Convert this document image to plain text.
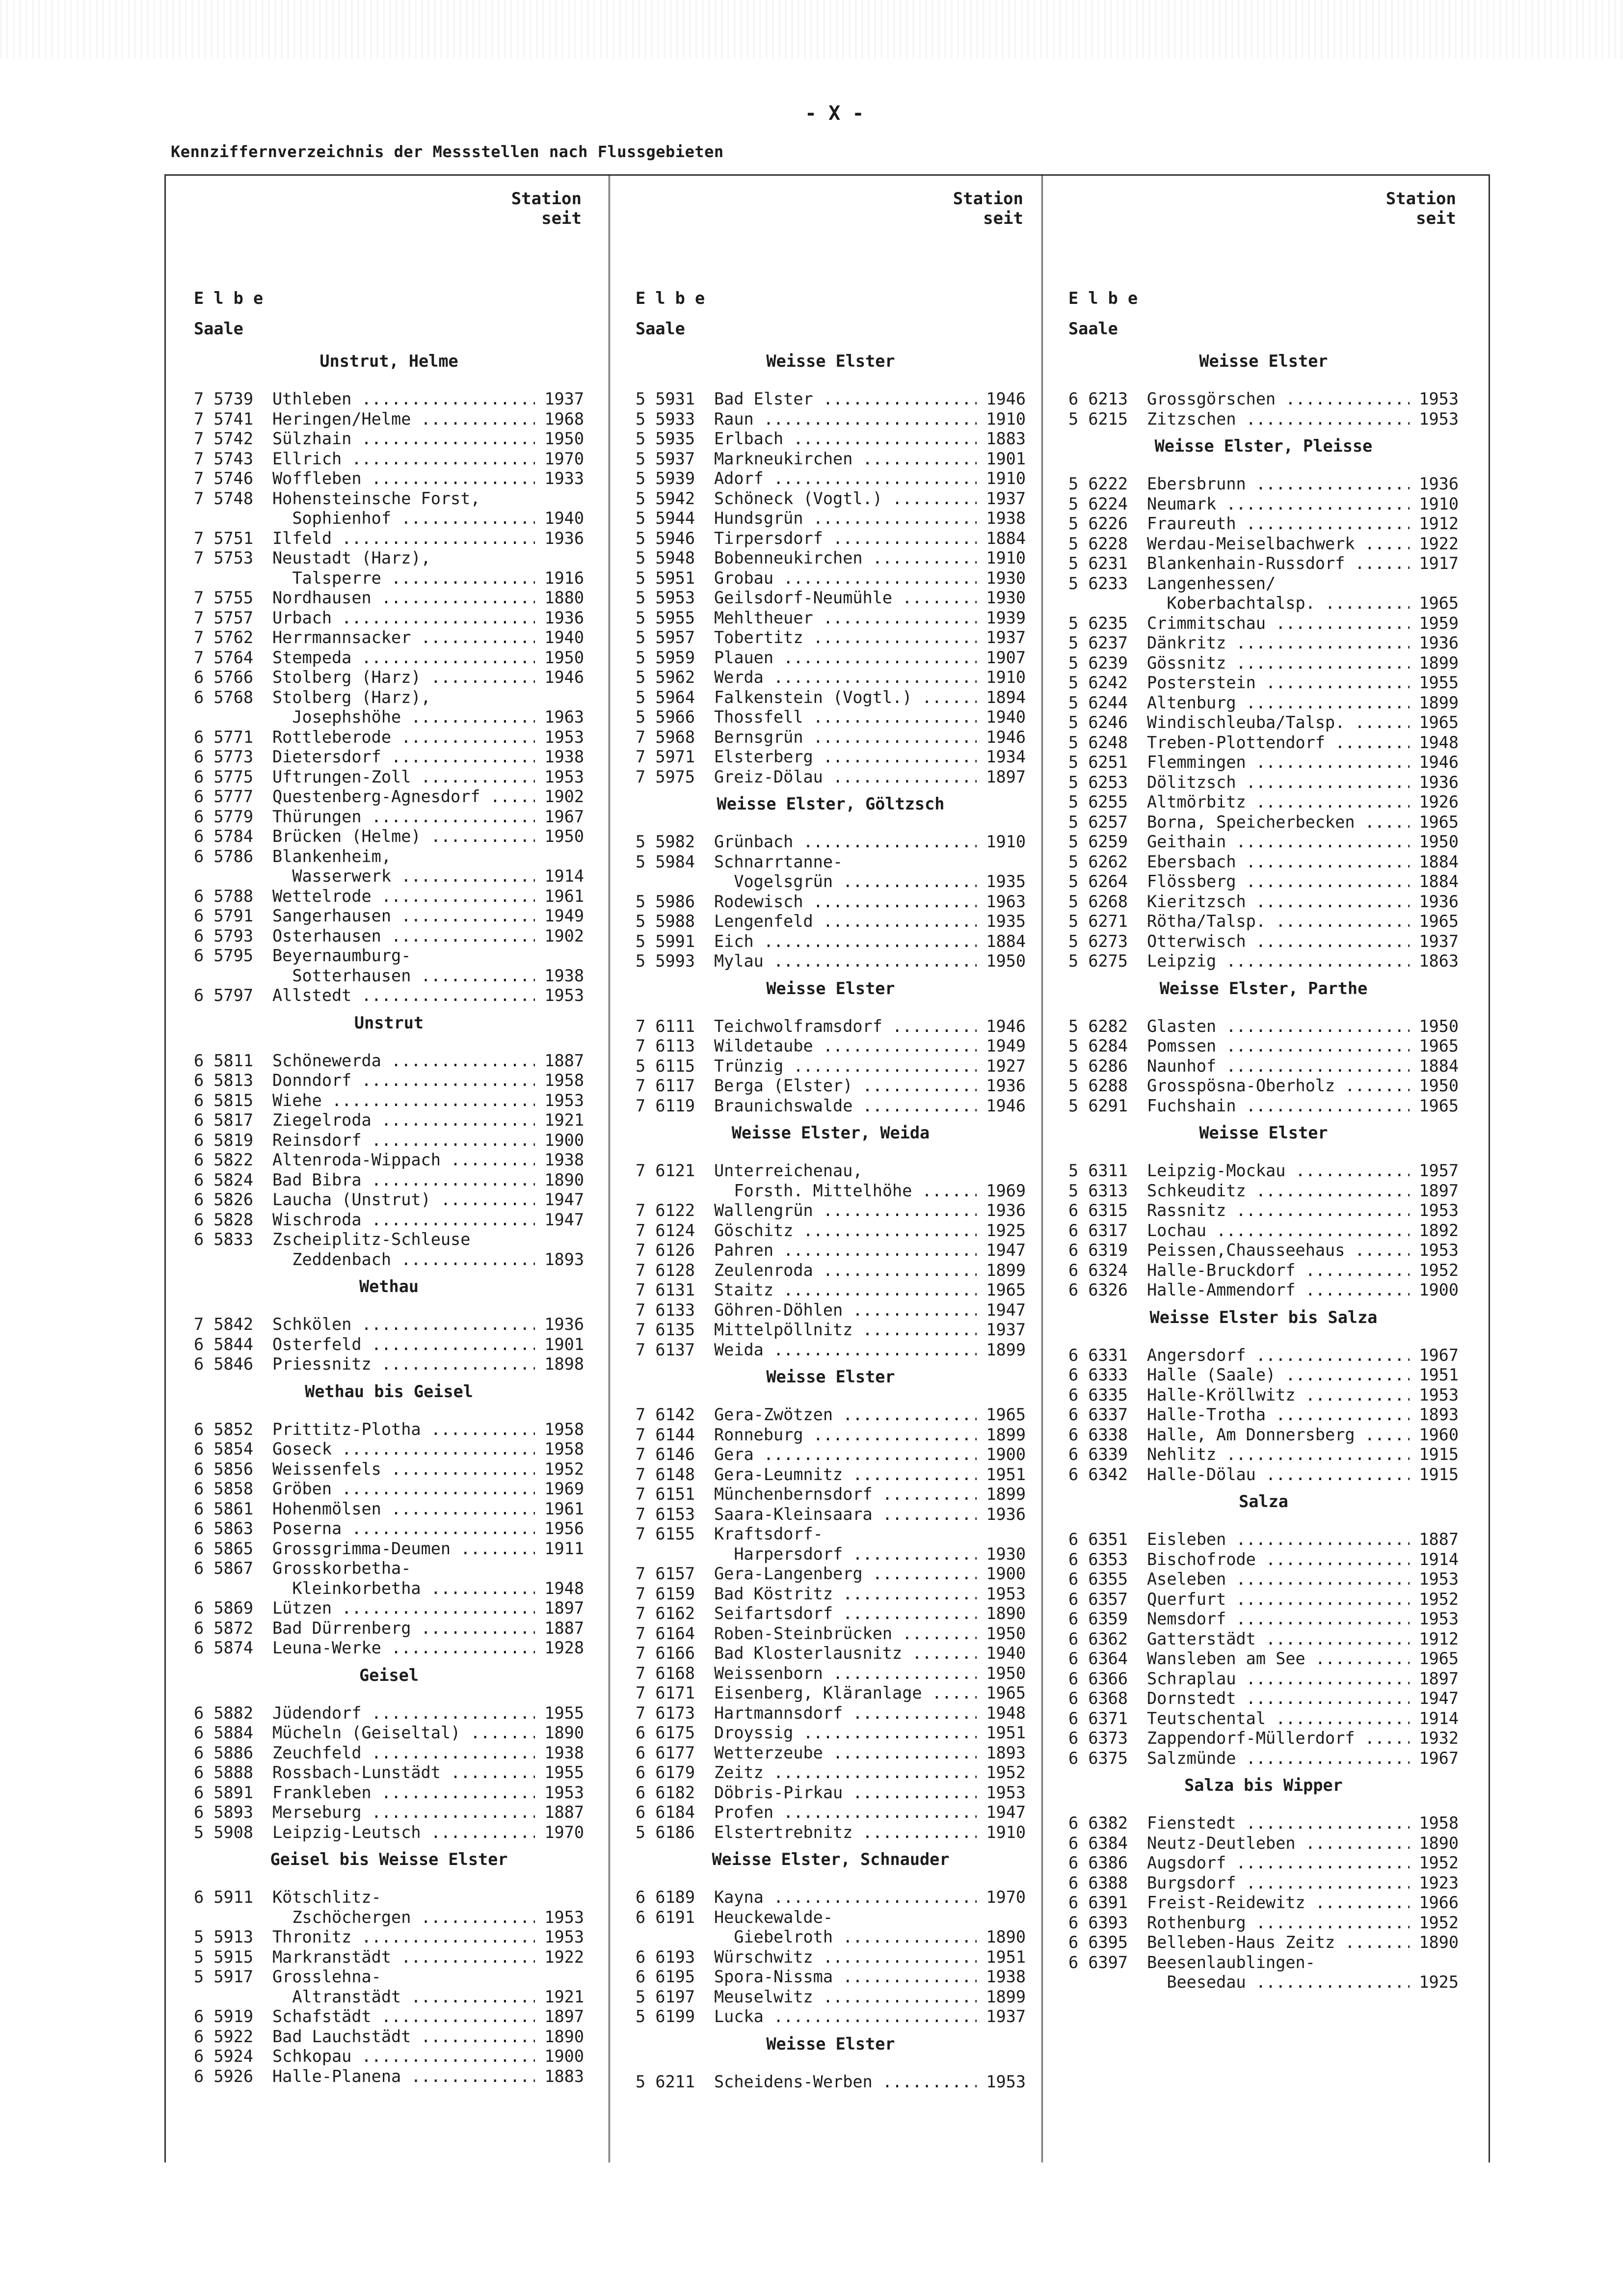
- X -
Kennziffernverzeichnis der Messstellen nach Flussgebieten
Station
seit
E l b e
Saale
Unstrut, Helme
7 5739	Uthleben .....	1937
7 5741	Heringen/Helme .....	1968
7 5742	Sülzhain .....	1950
7 5743	Ellrich .....	1970
7 5746	Woffleben .....	1933
7 5748	Hohensteinsche Forst,
Sophienhof .....	1940
7 5751	Ilfeld .....	1936
7 5753	Neustadt (Harz),
Talsperre .....	1916
7 5755	Nordhausen .....	1880
7 5757	Urbach .....	1936
7 5762	Herrmannsacker .....	1940
7 5764	Stempeda .....	1950
6 5766	Stolberg (Harz) .....	1946
6 5768	Stolberg (Harz),
Josephshöhe .....	1963
6 5771	Rottleberode .....	1953
6 5773	Dietersdorf .....	1938
6 5775	Uftrungen-Zoll .....	1953
6 5777	Questenberg-Agnesdorf .....	1902
6 5779	Thürungen .....	1967
6 5784	Brücken (Helme) .....	1950
6 5786	Blankenheim,
Wasserwerk .....	1914
6 5788	Wettelrode .....	1961
6 5791	Sangerhausen .....	1949
6 5793	Osterhausen .....	1902
6 5795	Beyernaumburg-
Sotterhausen .....	1938
6 5797	Allstedt .....	1953
Unstrut
6 5811	Schönewerda .....	1887
6 5813	Donndorf .....	1958
6 5815	Wiehe .....	1953
6 5817	Ziegelroda .....	1921
6 5819	Reinsdorf .....	1900
6 5822	Altenroda-Wippach .....	1938
6 5824	Bad Bibra .....	1890
6 5826	Laucha (Unstrut) .....	1947
6 5828	Wischroda .....	1947
6 5833	Zscheiplitz-Schleuse
Zeddenbach .....	1893
Wethau
7 5842	Schkölen .....	1936
6 5844	Osterfeld .....	1901
6 5846	Priessnitz .....	1898
Wethau bis Geisel
6 5852	Prittitz-Plotha .....	1958
6 5854	Goseck .....	1958
6 5856	Weissenfels .....	1952
6 5858	Gröben .....	1969
6 5861	Hohenmölsen .....	1961
6 5863	Poserna .....	1956
6 5865	Grossgrimma-Deumen .....	1911
6 5867	Grosskorbetha-
Kleinkorbetha .....	1948
6 5869	Lützen .....	1897
6 5872	Bad Dürrenberg .....	1887
6 5874	Leuna-Werke .....	1928
Geisel
6 5882	Jüdendorf .....	1955
6 5884	Mücheln (Geiseltal) .....	1890
6 5886	Zeuchfeld .....	1938
6 5888	Rossbach-Lunstädt .....	1955
6 5891	Frankleben .....	1953
6 5893	Merseburg .....	1887
5 5908	Leipzig-Leutsch .....	1970
Geisel bis Weisse Elster
6 5911	Kötschlitz-
Zschöchergen .....	1953
5 5913	Thronitz .....	1953
5 5915	Markranstädt .....	1922
5 5917	Grosslehna-
Altranstädt .....	1921
6 5919	Schafstädt .....	1897
6 5922	Bad Lauchstädt .....	1890
6 5924	Schkopau .....	1900
6 5926	Halle-Planena .....	1883
Station
seit
E l b e
Saale
Weisse Elster
5 5931	Bad Elster .....	1946
5 5933	Raun .....	1910
5 5935	Erlbach .....	1883
5 5937	Markneukirchen .....	1901
5 5939	Adorf .....	1910
5 5942	Schöneck (Vogtl.) .....	1937
5 5944	Hundsgrün .....	1938
5 5946	Tirpersdorf .....	1884
5 5948	Bobenneukirchen .....	1910
5 5951	Grobau .....	1930
5 5953	Geilsdorf-Neumühle .....	1930
5 5955	Mehltheuer .....	1939
5 5957	Tobertitz .....	1937
5 5959	Plauen .....	1907
5 5962	Werda .....	1910
5 5964	Falkenstein (Vogtl.) .....	1894
5 5966	Thossfell .....	1940
7 5968	Bernsgrün .....	1946
7 5971	Elsterberg .....	1934
7 5975	Greiz-Dölau .....	1897
Weisse Elster, Göltzsch
5 5982	Grünbach .....	1910
5 5984	Schnarrtanne-
Vogelsgrün .....	1935
5 5986	Rodewisch .....	1963
5 5988	Lengenfeld .....	1935
5 5991	Eich .....	1884
5 5993	Mylau .....	1950
Weisse Elster
7 6111	Teichwolframsdorf .....	1946
7 6113	Wildetaube .....	1949
5 6115	Trünzig .....	1927
7 6117	Berga (Elster) .....	1936
7 6119	Braunichswalde .....	1946
Weisse Elster, Weida
7 6121	Unterreichenau,
Forsth. Mittelhöhe .....	1969
7 6122	Wallengrün .....	1936
7 6124	Göschitz .....	1925
7 6126	Pahren .....	1947
7 6128	Zeulenroda .....	1899
7 6131	Staitz .....	1965
7 6133	Göhren-Döhlen .....	1947
7 6135	Mittelpöllnitz .....	1937
7 6137	Weida .....	1899
Weisse Elster
7 6142	Gera-Zwötzen .....	1965
7 6144	Ronneburg .....	1899
7 6146	Gera .....	1900
7 6148	Gera-Leumnitz .....	1951
7 6151	Münchenbernsdorf .....	1899
7 6153	Saara-Kleinsaara .....	1936
7 6155	Kraftsdorf-
Harpersdorf .....	1930
7 6157	Gera-Langenberg .....	1900
7 6159	Bad Köstritz .....	1953
7 6162	Seifartsdorf .....	1890
7 6164	Roben-Steinbrücken .....	1950
7 6166	Bad Klosterlausnitz .....	1940
7 6168	Weissenborn .....	1950
7 6171	Eisenberg, Kläranlage .....	1965
7 6173	Hartmannsdorf .....	1948
6 6175	Droyssig .....	1951
6 6177	Wetterzeube .....	1893
6 6179	Zeitz .....	1952
6 6182	Döbris-Pirkau .....	1953
6 6184	Profen .....	1947
5 6186	Elstertrebnitz .....	1910
Weisse Elster, Schnauder
6 6189	Kayna .....	1970
6 6191	Heuckewalde-
Giebelroth .....	1890
6 6193	Würschwitz .....	1951
6 6195	Spora-Nissma .....	1938
5 6197	Meuselwitz .....	1899
5 6199	Lucka .....	1937
Weisse Elster
5 6211	Scheidens-Werben .....	1953
Station
seit
E l b e
Saale
Weisse Elster
6 6213	Grossgörschen .....	1953
5 6215	Zitzschen .....	1953
Weisse Elster, Pleisse
5 6222	Ebersbrunn .....	1936
5 6224	Neumark .....	1910
5 6226	Fraureuth .....	1912
5 6228	Werdau-Meiselbachwerk .....	1922
5 6231	Blankenhain-Russdorf .....	1917
5 6233	Langenhessen/
Koberbachtalsp. .....	1965
5 6235	Crimmitschau .....	1959
5 6237	Dänkritz .....	1936
5 6239	Gössnitz .....	1899
5 6242	Posterstein .....	1955
5 6244	Altenburg .....	1899
5 6246	Windischleuba/Talsp. .....	1965
5 6248	Treben-Plottendorf .....	1948
5 6251	Flemmingen .....	1946
5 6253	Dölitzsch .....	1936
5 6255	Altmörbitz .....	1926
5 6257	Borna, Speicherbecken .....	1965
5 6259	Geithain .....	1950
5 6262	Ebersbach .....	1884
5 6264	Flössberg .....	1884
5 6268	Kieritzsch .....	1936
5 6271	Rötha/Talsp. .....	1965
5 6273	Otterwisch .....	1937
5 6275	Leipzig .....	1863
Weisse Elster, Parthe
5 6282	Glasten .....	1950
5 6284	Pomssen .....	1965
5 6286	Naunhof .....	1884
5 6288	Grosspösna-Oberholz .....	1950
5 6291	Fuchshain .....	1965
Weisse Elster
5 6311	Leipzig-Mockau .....	1957
5 6313	Schkeuditz .....	1897
6 6315	Rassnitz .....	1953
6 6317	Lochau .....	1892
6 6319	Peissen,Chausseehaus .....	1953
6 6324	Halle-Bruckdorf .....	1952
6 6326	Halle-Ammendorf .....	1900
Weisse Elster bis Salza
6 6331	Angersdorf .....	1967
6 6333	Halle (Saale) .....	1951
6 6335	Halle-Kröllwitz .....	1953
6 6337	Halle-Trotha .....	1893
6 6338	Halle, Am Donnersberg .....	1960
6 6339	Nehlitz .....	1915
6 6342	Halle-Dölau .....	1915
Salza
6 6351	Eisleben .....	1887
6 6353	Bischofrode .....	1914
6 6355	Aseleben .....	1953
6 6357	Querfurt .....	1952
6 6359	Nemsdorf .....	1953
6 6362	Gatterstädt .....	1912
6 6364	Wansleben am See .....	1965
6 6366	Schraplau .....	1897
6 6368	Dornstedt .....	1947
6 6371	Teutschental .....	1914
6 6373	Zappendorf-Müllerdorf .....	1932
6 6375	Salzmünde .....	1967
Salza bis Wipper
6 6382	Fienstedt .....	1958
6 6384	Neutz-Deutleben .....	1890
6 6386	Augsdorf .....	1952
6 6388	Burgsdorf .....	1923
6 6391	Freist-Reidewitz .....	1966
6 6393	Rothenburg .....	1952
6 6395	Belleben-Haus Zeitz .....	1890
6 6397	Beesenlaublingen-
Beesedau .....	1925
